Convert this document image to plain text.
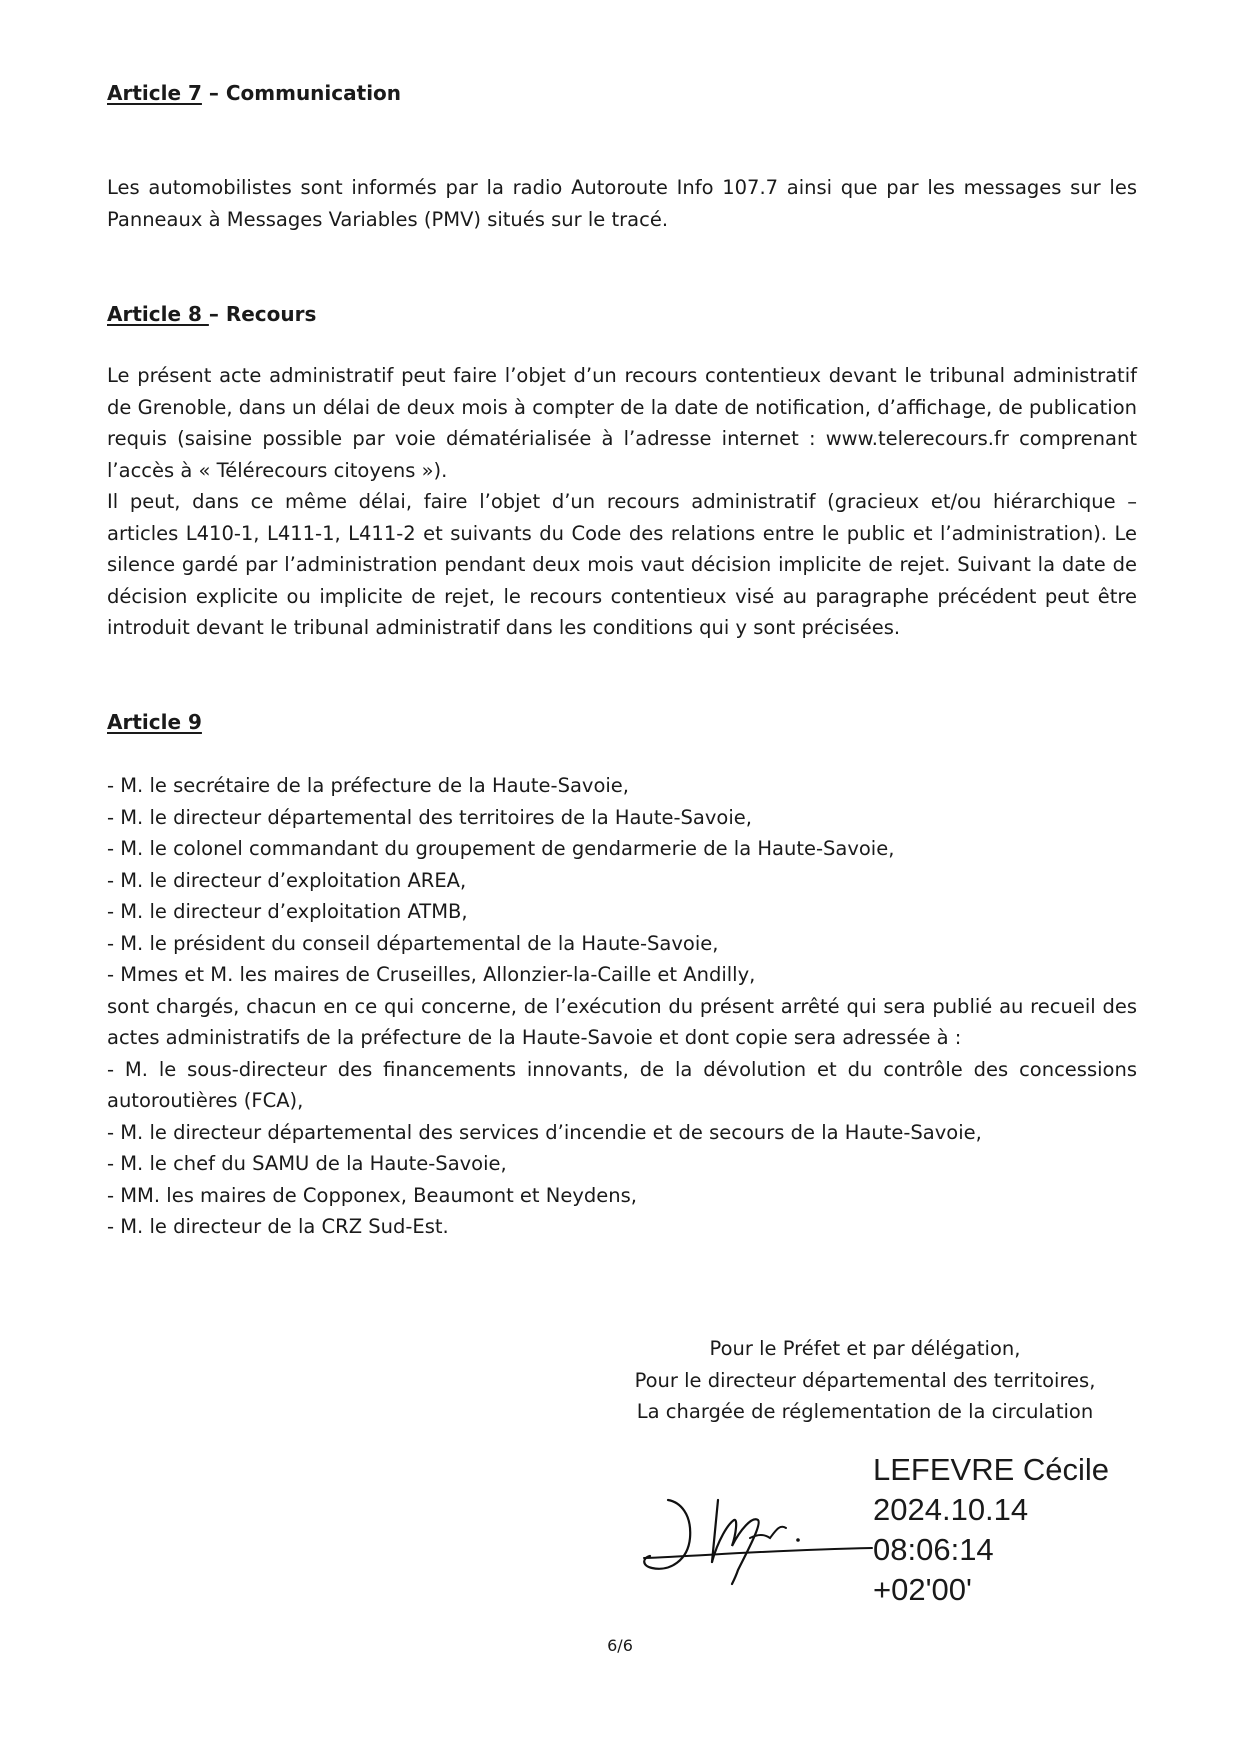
Article 7 – Communication
Les automobilistes sont informés par la radio Autoroute Info 107.7 ainsi que par les messages sur les Panneaux à Messages Variables (PMV) situés sur le tracé.
Article 8 – Recours

Le présent acte administratif peut faire l’objet d’un recours contentieux devant le tribunal administratif de Grenoble, dans un délai de deux mois à compter de la date de notification, d’affichage, de publication requis (saisine possible par voie dématérialisée à l’adresse internet : www.telerecours.fr comprenant l’accès à « Télérecours citoyens »).

Il peut, dans ce même délai, faire l’objet d’un recours administratif (gracieux et/ou hiérarchique – articles L410-1, L411-1, L411-2 et suivants du Code des relations entre le public et l’administration). Le silence gardé par l’administration pendant deux mois vaut décision implicite de rejet. Suivant la date de décision explicite ou implicite de rejet, le recours contentieux visé au paragraphe précédent peut être introduit devant le tribunal administratif dans les conditions qui y sont précisées.

Article 9
- M. le secrétaire de la préfecture de la Haute-Savoie,
- M. le directeur départemental des territoires de la Haute-Savoie,
- M. le colonel commandant du groupement de gendarmerie de la Haute-Savoie,
- M. le directeur d’exploitation AREA,
- M. le directeur d’exploitation ATMB,
- M. le président du conseil départemental de la Haute-Savoie,
- Mmes et M. les maires de Cruseilles, Allonzier-la-Caille et Andilly,
sont chargés, chacun en ce qui concerne, de l’exécution du présent arrêté qui sera publié au recueil des actes administratifs de la préfecture de la Haute-Savoie et dont copie sera adressée à :
- M. le sous-directeur des financements innovants, de la dévolution et du contrôle des concessions autoroutières (FCA),
- M. le directeur départemental des services d’incendie et de secours de la Haute-Savoie,
- M. le chef du SAMU de la Haute-Savoie,
- MM. les maires de Copponex, Beaumont et Neydens,
- M. le directeur de la CRZ Sud-Est.
Pour le Préfet et par délégation,
Pour le directeur départemental des territoires,
La chargée de réglementation de la circulation
LEFEVRE Cécile
2024.10.14
08:06:14
+02'00'
6/6
